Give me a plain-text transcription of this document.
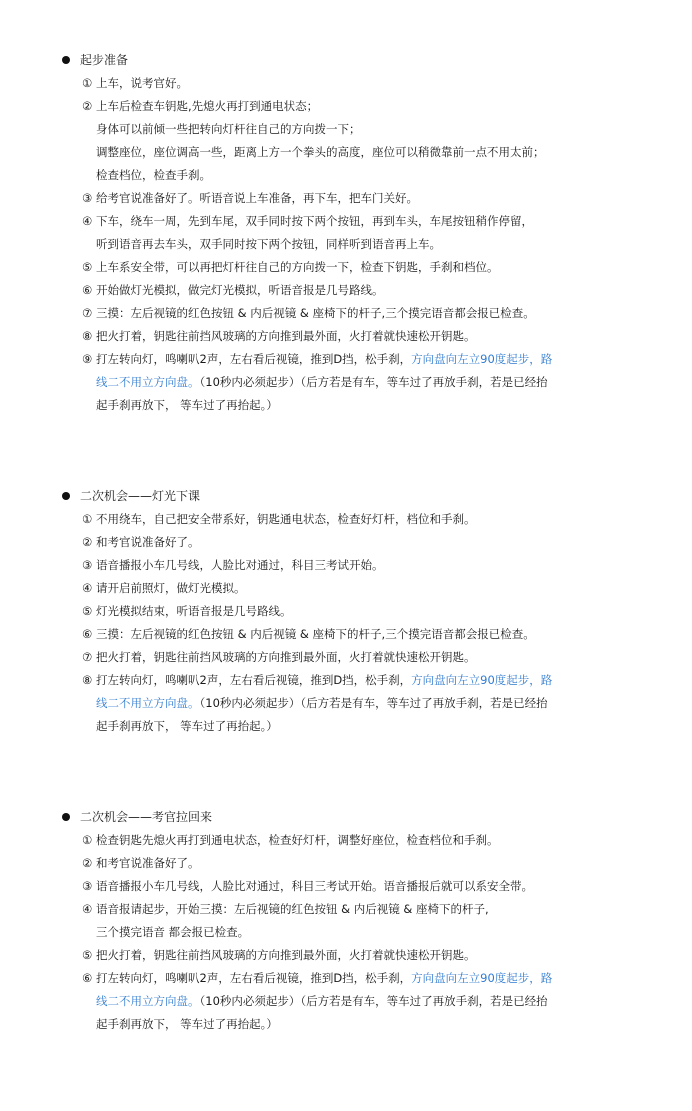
起步准备
① 上车，说考官好。
② 上车后检查车钥匙,先熄火再打到通电状态；
身体可以前倾一些把转向灯杆往自己的方向拨一下；
调整座位，座位调高一些，距离上方一个拳头的高度，座位可以稍微靠前一点不用太前；
检查档位，检查手刹。
③ 给考官说准备好了。听语音说上车准备，再下车，把车门关好。
④ 下车，绕车一周，先到车尾，双手同时按下两个按钮，再到车头，车尾按钮稍作停留，
听到语音再去车头，双手同时按下两个按钮，同样听到语音再上车。
⑤ 上车系安全带，可以再把灯杆往自己的方向拨一下，检查下钥匙，手刹和档位。
⑥ 开始做灯光模拟，做完灯光模拟，听语音报是几号路线。
⑦ 三摸：左后视镜的红色按钮 & 内后视镜 & 座椅下的杆子,三个摸完语音都会报已检查。
⑧ 把火打着，钥匙往前挡风玻璃的方向推到最外面，火打着就快速松开钥匙。
⑨ 打左转向灯，鸣喇叭2声，左右看后视镜，推到D挡，松手刹，方向盘向左立90度起步，路
线二不用立方向盘。（10秒内必须起步）（后方若是有车，等车过了再放手刹，若是已经抬
起手刹再放下， 等车过了再抬起。）
二次机会——灯光下课
① 不用绕车，自己把安全带系好，钥匙通电状态，检查好灯杆，档位和手刹。
② 和考官说准备好了。
③ 语音播报小车几号线，人脸比对通过，科目三考试开始。
④ 请开启前照灯，做灯光模拟。
⑤ 灯光模拟结束，听语音报是几号路线。
⑥ 三摸：左后视镜的红色按钮 & 内后视镜 & 座椅下的杆子,三个摸完语音都会报已检查。
⑦ 把火打着，钥匙往前挡风玻璃的方向推到最外面，火打着就快速松开钥匙。
⑧ 打左转向灯，鸣喇叭2声，左右看后视镜，推到D挡，松手刹，方向盘向左立90度起步，路
线二不用立方向盘。（10秒内必须起步）（后方若是有车，等车过了再放手刹，若是已经抬
起手刹再放下， 等车过了再抬起。）
二次机会——考官拉回来
① 检查钥匙先熄火再打到通电状态，检查好灯杆，调整好座位，检查档位和手刹。
② 和考官说准备好了。
③ 语音播报小车几号线，人脸比对通过，科目三考试开始。语音播报后就可以系安全带。
④ 语音报请起步，开始三摸：左后视镜的红色按钮 & 内后视镜 & 座椅下的杆子,
三个摸完语音 都会报已检查。
⑤ 把火打着，钥匙往前挡风玻璃的方向推到最外面，火打着就快速松开钥匙。
⑥ 打左转向灯，鸣喇叭2声，左右看后视镜，推到D挡，松手刹，方向盘向左立90度起步，路
线二不用立方向盘。（10秒内必须起步）（后方若是有车，等车过了再放手刹，若是已经抬
起手刹再放下， 等车过了再抬起。）
